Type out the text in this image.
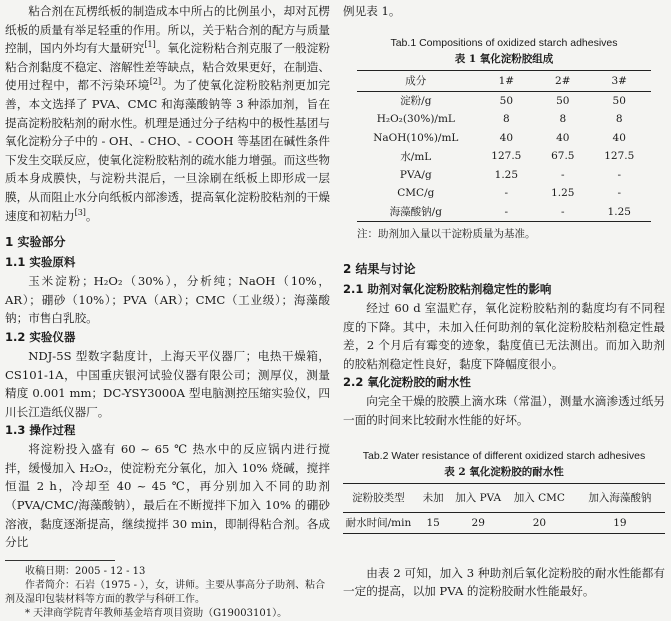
粘合剂在瓦楞纸板的制造成本中所占的比例虽小，却对瓦楞纸板的质量有举足轻重的作用。所以，关于粘合剂的配方与质量控制，国内外均有大量研究[1]。氧化淀粉粘合剂克服了一般淀粉粘合剂黏度不稳定、溶解性差等缺点，粘合效果更好，在制造、使用过程中，都不污染环境[2]。为了使氧化淀粉胶粘剂更加完善，本文选择了 PVA、CMC 和海藻酸钠等 3 种添加剂，旨在提高淀粉胶粘剂的耐水性。机理是通过分子结构中的极性基团与氧化淀粉分子中的 - OH、- CHO、- COOH 等基团在碱性条件下发生交联反应，使氧化淀粉胶粘剂的疏水能力增强。而这些物质本身成膜快，与淀粉共混后，一旦涂刷在纸板上即形成一层膜，从而阻止水分向纸板内部渗透，提高氧化淀粉胶粘剂的干燥速度和初粘力[3]。

1 实验部分
1.1 实验原料

玉米淀粉；H₂O₂（30%），分析纯；NaOH（10%，AR）；硼砂（10%）；PVA（AR）；CMC（工业级）；海藻酸钠；市售白乳胶。

1.2 实验仪器

NDJ-5S 型数字黏度计，上海天平仪器厂；电热干燥箱，CS101-1A，中国重庆银河试验仪器有限公司；测厚仪，测量精度 0.001 mm；DC-YSY3000A 型电脑测控压缩实验仪，四川长江造纸仪器厂。

1.3 操作过程

将淀粉投入盛有 60 ~ 65 ℃ 热水中的反应锅内进行搅拌，缓慢加入 H₂O₂，使淀粉充分氧化，加入 10% 烧碱，搅拌恒温 2 h，冷却至 40 ~ 45 ℃，再分别加入不同的助剂（PVA/CMC/海藻酸钠），最后在不断搅拌下加入 10% 的硼砂溶液，黏度逐渐提高，继续搅拌 30 min，即制得粘合剂。各成分比

收稿日期：2005 - 12 - 13
作者简介：石岩（1975 - ），女，讲师。主要从事高分子助剂、粘合剂及湿印包装材料等方面的教学与科研工作。
* 天津商学院青年教师基金培育项目资助（G19003101）。

例见表 1。

Tab.1 Compositions of oxidized starch adhesives
表 1 氧化淀粉胶组成
成分	1#	2#	3#
淀粉/g	50	50	50
H₂O₂(30%)/mL	8	8	8
NaOH(10%)/mL	40	40	40
水/mL	127.5	67.5	127.5
PVA/g	1.25	-	-
CMC/g	-	1.25	-
海藻酸钠/g	-	-	1.25
注：助剂加入量以干淀粉质量为基准。
2 结果与讨论
2.1 助剂对氧化淀粉胶粘剂稳定性的影响

经过 60 d 室温贮存，氧化淀粉胶粘剂的黏度均有不同程度的下降。其中，未加入任何助剂的氧化淀粉胶粘剂稳定性最差，2 个月后有霉变的迹象，黏度值已无法测出。而加入助剂的胶粘剂稳定性良好，黏度下降幅度很小。

2.2 氧化淀粉胶的耐水性

向完全干燥的胶膜上滴水珠（常温），测量水滴渗透过纸另一面的时间来比较耐水性能的好坏。

Tab.2 Water resistance of different oxidized starch adhesives
表 2 氧化淀粉胶的耐水性
淀粉胶类型	未加	加入 PVA	加入 CMC	加入海藻酸钠
耐水时间/min	15	29	20	19

由表 2 可知，加入 3 种助剂后氧化淀粉胶的耐水性能都有一定的提高，以加 PVA 的淀粉胶耐水性能最好。
